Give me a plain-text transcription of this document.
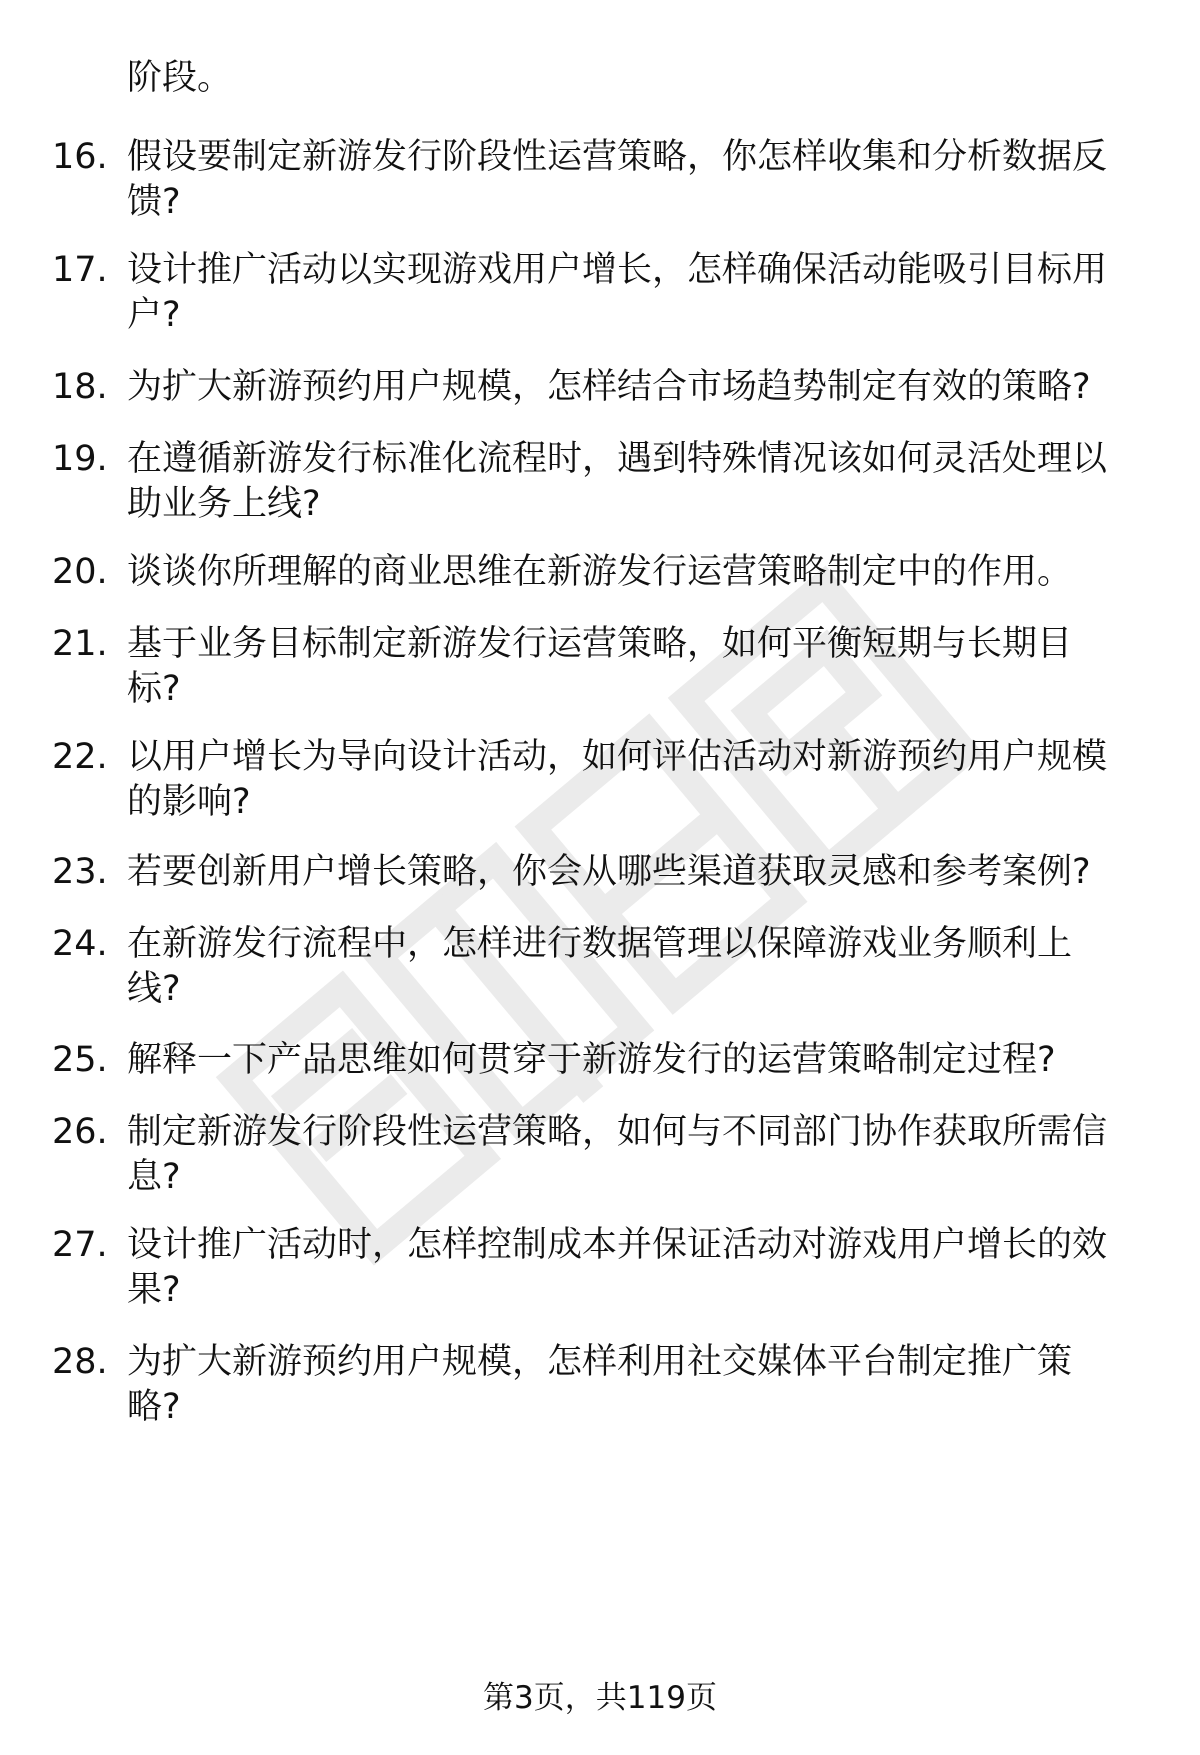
阶段。
16. 假设要制定新游发行阶段性运营策略，你怎样收集和分析数据反
馈?
17. 设计推广活动以实现游戏用户增长，怎样确保活动能吸引目标用
户?
18. 为扩大新游预约用户规模，怎样结合市场趋势制定有效的策略?
19. 在遵循新游发行标准化流程时，遇到特殊情况该如何灵活处理以
助业务上线?
20. 谈谈你所理解的商业思维在新游发行运营策略制定中的作用。
21. 基于业务目标制定新游发行运营策略，如何平衡短期与长期目
标?
22. 以用户增长为导向设计活动，如何评估活动对新游预约用户规模
的影响?
23. 若要创新用户增长策略，你会从哪些渠道获取灵感和参考案例?
24. 在新游发行流程中，怎样进行数据管理以保障游戏业务顺利上
线?
25. 解释一下产品思维如何贯穿于新游发行的运营策略制定过程?
26. 制定新游发行阶段性运营策略，如何与不同部门协作获取所需信
息?
27. 设计推广活动时，怎样控制成本并保证活动对游戏用户增长的效
果?
28. 为扩大新游预约用户规模，怎样利用社交媒体平台制定推广策
略?
第3页，共119页
